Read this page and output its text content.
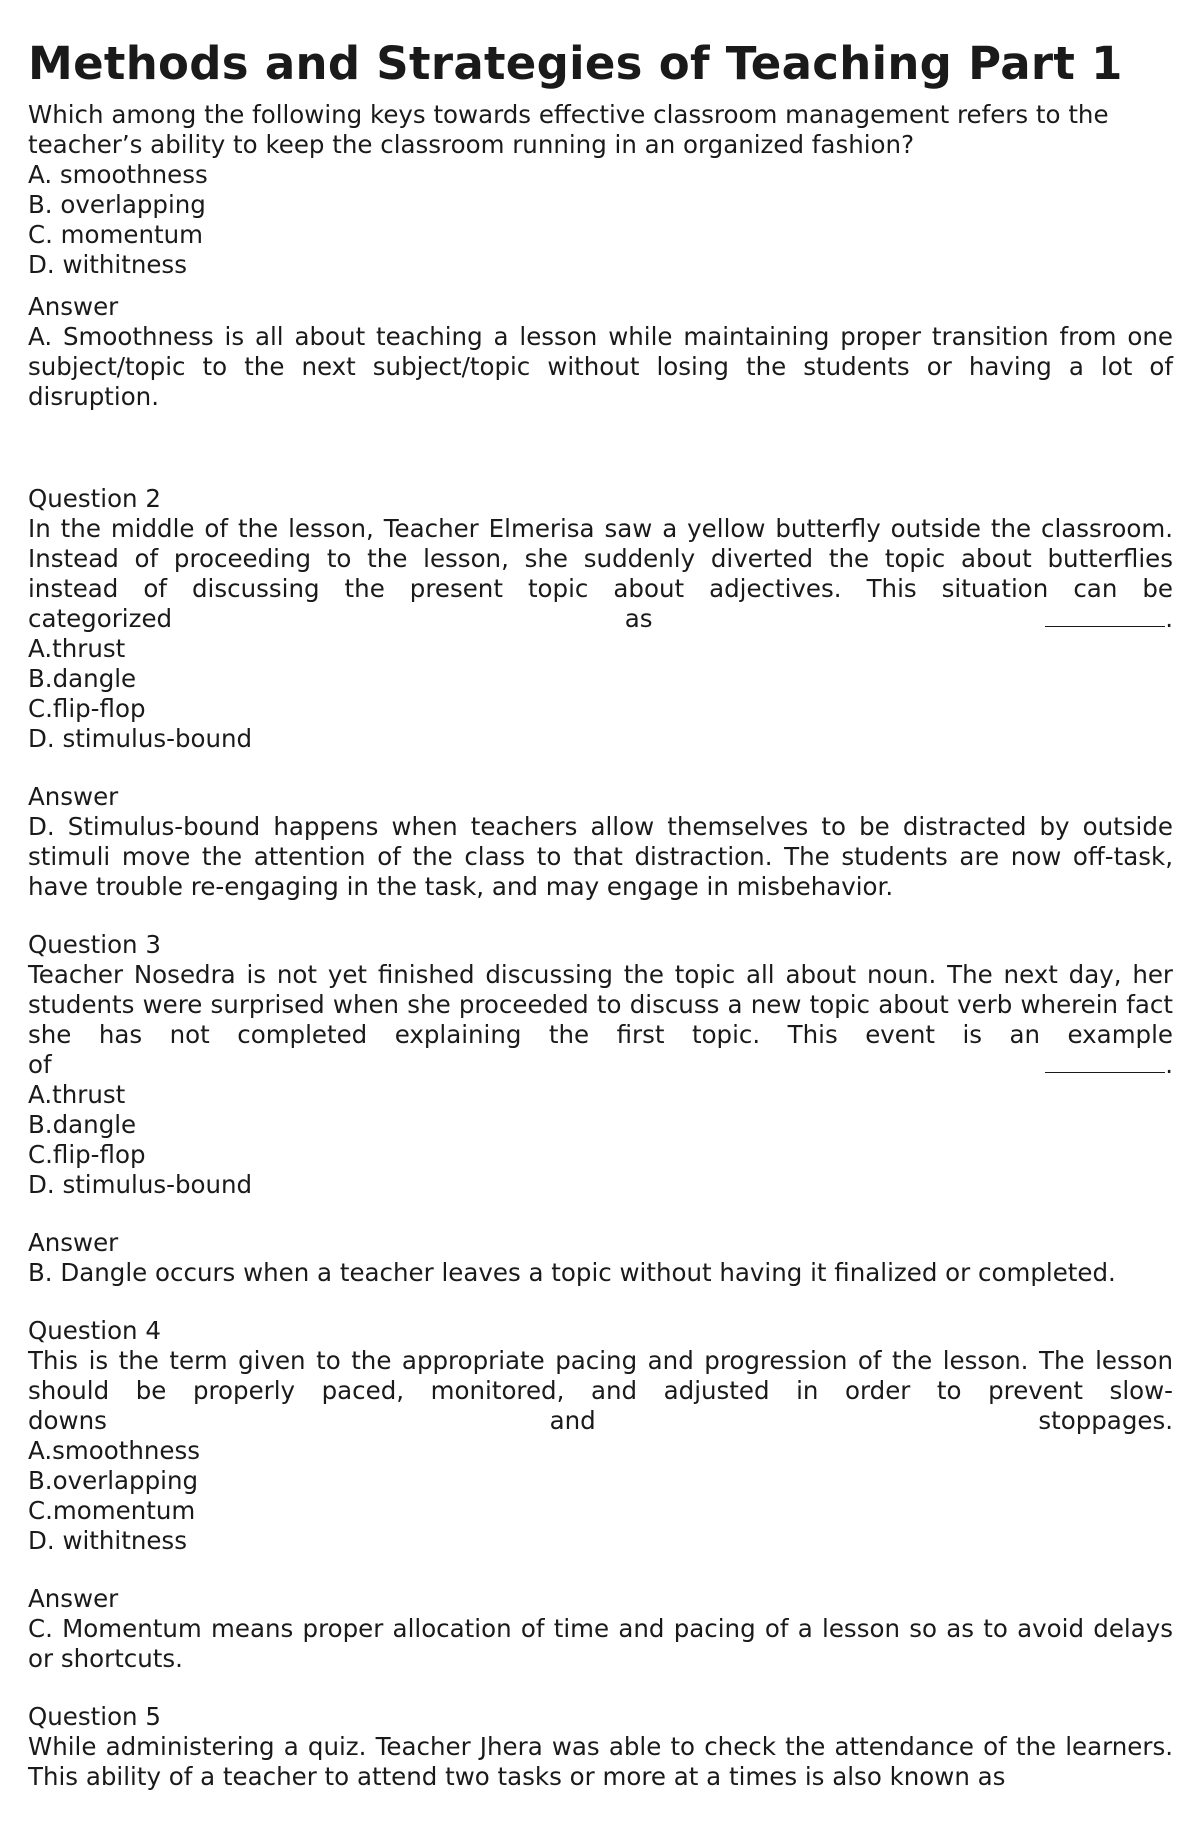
Methods and Strategies of Teaching Part 1
Which among the following keys towards effective classroom management refers to the teacher’s ability to keep the classroom running in an organized fashion?
A. smoothness
B. overlapping
C. momentum
D. withitness
Answer
A. Smoothness is all about teaching a lesson while maintaining proper transition from one subject/topic to the next subject/topic without losing the students or having a lot of disruption.
Question 2
In the middle of the lesson, Teacher Elmerisa saw a yellow butterfly outside the classroom. Instead of proceeding to the lesson, she suddenly diverted the topic about butterflies instead of discussing the present topic about adjectives. This situation can be
categorized	as	.
A.thrust
B.dangle
C.flip-flop
D. stimulus-bound
Answer
D. Stimulus-bound happens when teachers allow themselves to be distracted by outside stimuli move the attention of the class to that distraction. The students are now off-task, have trouble re-engaging in the task, and may engage in misbehavior.
Question 3
Teacher Nosedra is not yet finished discussing the topic all about noun. The next day, her students were surprised when she proceeded to discuss a new topic about verb wherein fact she has not completed explaining the first topic. This event is an example
of	.
A.thrust
B.dangle
C.flip-flop
D. stimulus-bound
Answer
B. Dangle occurs when a teacher leaves a topic without having it finalized or completed.
Question 4
This is the term given to the appropriate pacing and progression of the lesson. The lesson should be properly paced, monitored, and adjusted in order to prevent slow-
downs	and	stoppages.
A.smoothness
B.overlapping
C.momentum
D. withitness
Answer
C. Momentum means proper allocation of time and pacing of a lesson so as to avoid delays or shortcuts.
Question 5
While administering a quiz. Teacher Jhera was able to check the attendance of the learners. This ability of a teacher to attend two tasks or more at a times is also known as
